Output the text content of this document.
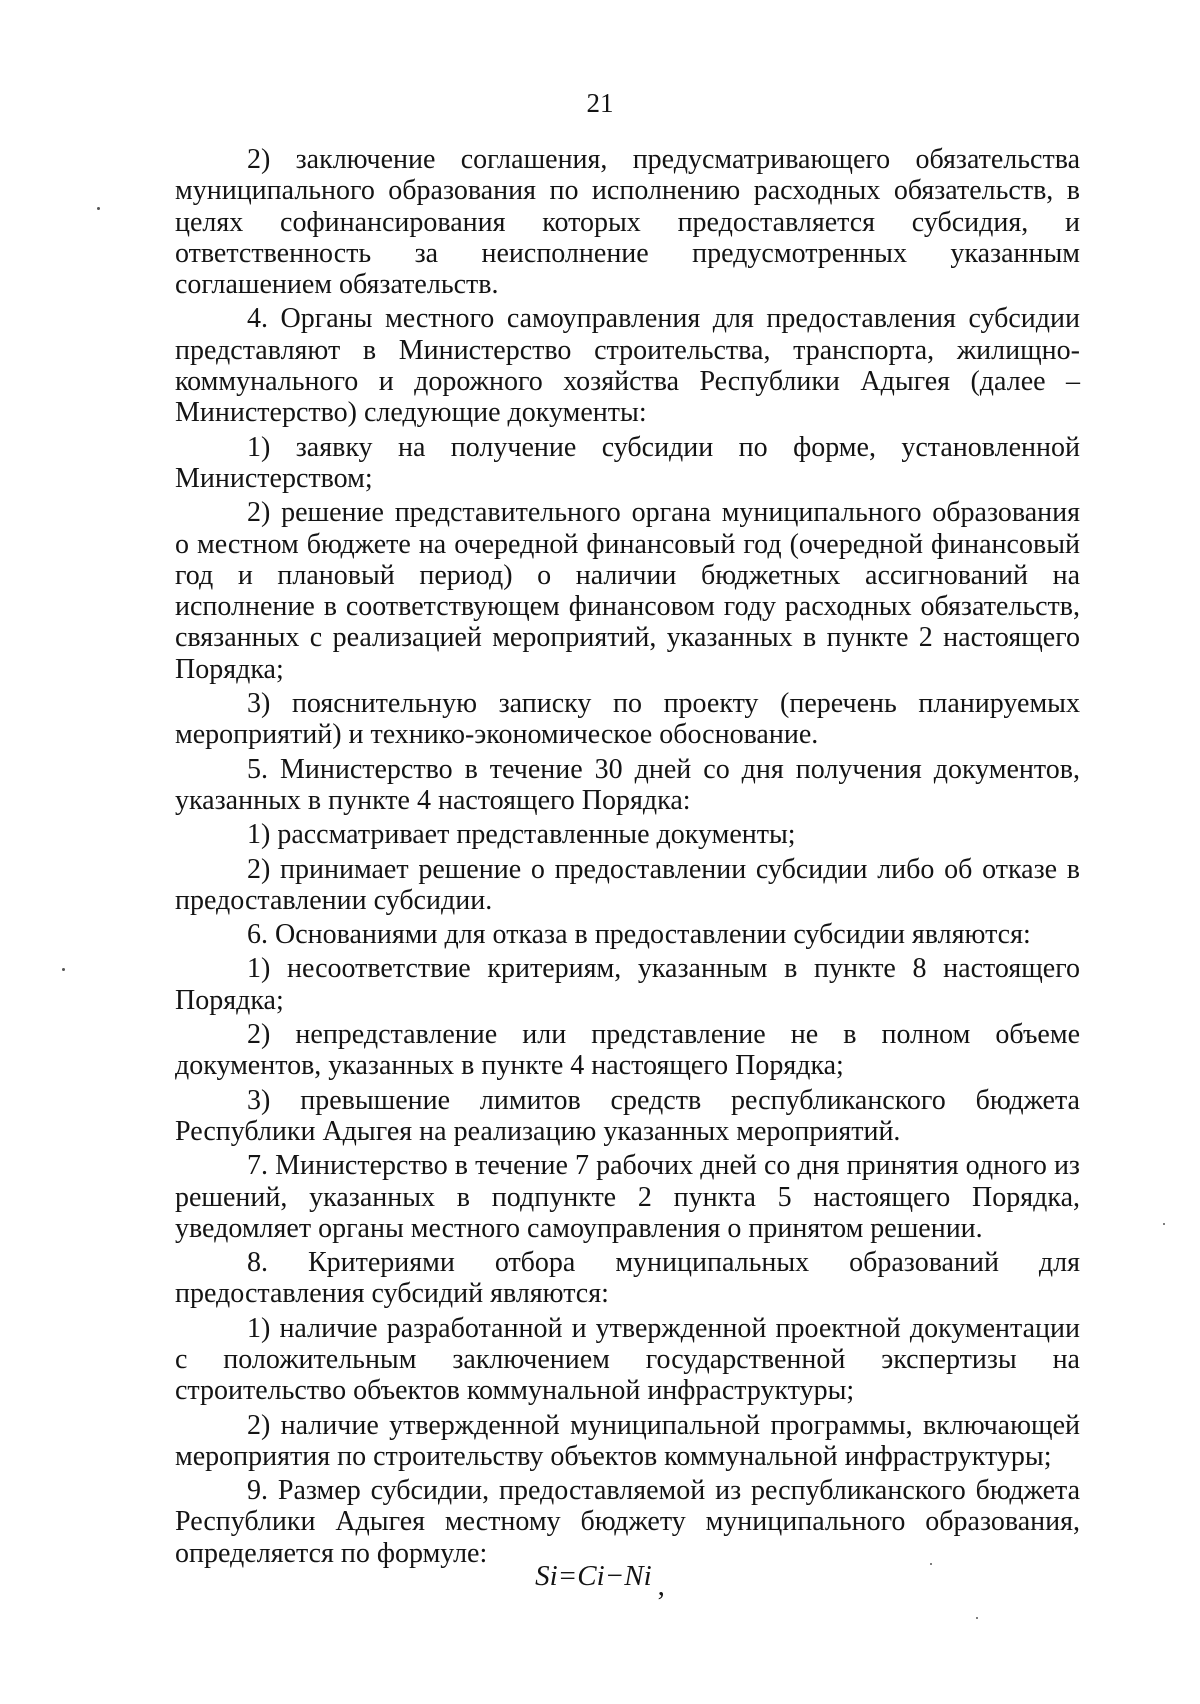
21

2) заключение соглашения, предусматривающего обязательства муниципального образования по исполнению расходных обязательств, в целях софинансирования которых предоставляется субсидия, и ответственность за неисполнение предусмотренных указанным соглашением обязательств.

4. Органы местного самоуправления для предоставления субсидии представляют в Министерство строительства, транспорта, жилищно-коммунального и дорожного хозяйства Республики Адыгея (далее – Министерство) следующие документы:

1) заявку на получение субсидии по форме, установленной Министерством;

2) решение представительного органа муниципального образования о местном бюджете на очередной финансовый год (очередной финансовый год и плановый период) о наличии бюджетных ассигнований на исполнение в соответствующем финансовом году расходных обязательств, связанных с реализацией мероприятий, указанных в пункте 2 настоящего Порядка;

3) пояснительную записку по проекту (перечень планируемых мероприятий) и технико-экономическое обоснование.

5. Министерство в течение 30 дней со дня получения документов, указанных в пункте 4 настоящего Порядка:

1) рассматривает представленные документы;

2) принимает решение о предоставлении субсидии либо об отказе в предоставлении субсидии.

6. Основаниями для отказа в предоставлении субсидии являются:

1) несоответствие критериям, указанным в пункте 8 настоящего Порядка;

2) непредставление или представление не в полном объеме документов, указанных в пункте 4 настоящего Порядка;

3) превышение лимитов средств республиканского бюджета Республики Адыгея на реализацию указанных мероприятий.

7. Министерство в течение 7 рабочих дней со дня принятия одного из решений, указанных в подпункте 2 пункта 5 настоящего Порядка, уведомляет органы местного самоуправления о принятом решении.

8. Критериями отбора муниципальных образований для предоставления субсидий являются:

1) наличие разработанной и утвержденной проектной документации с положительным заключением государственной экспертизы на строительство объектов коммунальной инфраструктуры;

2) наличие утвержденной муниципальной программы, включающей мероприятия по строительству объектов коммунальной инфраструктуры;

9. Размер субсидии, предоставляемой из республиканского бюджета Республики Адыгея местному бюджету муниципального образования, определяется по формуле:

Si=Ci−Ni ,
